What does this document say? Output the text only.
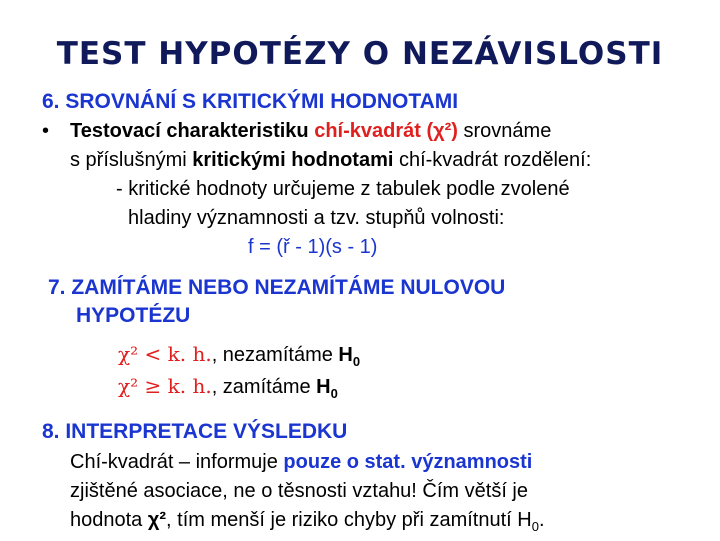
TEST HYPOTÉZY O NEZÁVISLOSTI
6. SROVNÁNÍ S KRITICKÝMI HODNOTAMI
• Testovací charakteristiku chí-kvadrát (χ²) srovnáme
s příslušnými kritickými hodnotami chí-kvadrát rozdělení:
- kritické hodnoty určujeme z tabulek podle zvolené
hladiny významnosti a tzv. stupňů volnosti:
f = (ř - 1)(s - 1)
7. ZAMÍTÁME NEBO NEZAMÍTÁME NULOVOU
HYPOTÉZU
χ² < k. h., nezamítáme $H_0$
χ² ≥ k. h., zamítáme $H_0$
8. INTERPRETACE VÝSLEDKU
Chí-kvadrát – informuje pouze o stat. významnosti
zjištěné asociace, ne o těsnosti vztahu! Čím větší je
hodnota χ², tím menší je riziko chyby při zamítnutí $H_0$.
